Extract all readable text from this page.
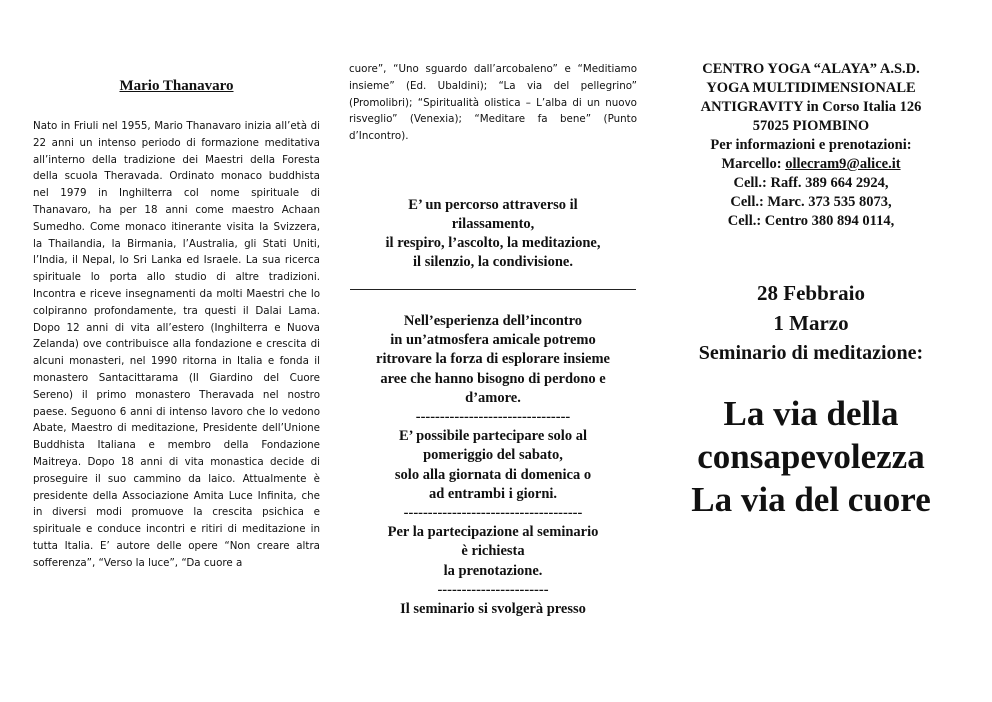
Mario Thanavaro

Nato in Friuli nel 1955, Mario Thanavaro inizia all’età di 22 anni un intenso periodo di formazione meditativa all’interno della tradizione dei Maestri della Foresta della scuola Theravada. Ordinato monaco buddhista nel 1979 in Inghilterra col nome spirituale di Thanavaro, ha per 18 anni come maestro Achaan Sumedho. Come monaco itinerante visita la Svizzera, la Thailandia, la Birmania, l’Australia, gli Stati Uniti, l’India, il Nepal, lo Sri Lanka ed Israele. La sua ricerca spirituale lo porta allo studio di altre tradizioni. Incontra e riceve insegnamenti da molti Maestri che lo colpiranno profondamente, tra questi il Dalai Lama. Dopo 12 anni di vita all’estero (Inghilterra e Nuova Zelanda) ove contribuisce alla fondazione e crescita di alcuni monasteri, nel 1990 ritorna in Italia e fonda il monastero Santacittarama (Il Giardino del Cuore Sereno) il primo monastero Theravada nel nostro paese. Seguono 6 anni di intenso lavoro che lo vedono Abate, Maestro di meditazione, Presidente dell’Unione Buddhista Italiana e membro della Fondazione Maitreya. Dopo 18 anni di vita monastica decide di proseguire il suo cammino da laico. Attualmente è presidente della Associazione Amita Luce Infinita, che in diversi modi promuove la crescita psichica e spirituale e conduce incontri e ritiri di meditazione in tutta Italia. E’ autore delle opere “Non creare altra sofferenza”, “Verso la luce”, “Da cuore a

cuore”, “Uno sguardo dall’arcobaleno” e “Meditiamo insieme” (Ed. Ubaldini); “La via del pellegrino” (Promolibri); “Spiritualità olistica – L’alba di un nuovo risveglio” (Venexia); “Meditare fa bene” (Punto d’Incontro).

E’ un percorso attraverso il
rilassamento,
il respiro, l’ascolto, la meditazione,
il silenzio, la condivisione.

Nell’esperienza dell’incontro

in un’atmosfera amicale potremo

ritrovare la forza di esplorare insieme

aree che hanno bisogno di perdono e

d’amore.

--------------------------------

E’ possibile partecipare solo al

pomeriggio del sabato,

solo alla giornata di domenica o

ad entrambi i giorni.

-------------------------------------

Per la partecipazione al seminario

è richiesta

la prenotazione.

-----------------------

Il seminario si svolgerà presso

CENTRO YOGA “ALAYA” A.S.D.

YOGA MULTIDIMENSIONALE

ANTIGRAVITY in Corso Italia 126

57025 PIOMBINO

Per informazioni e prenotazioni:

Marcello: ollecram9@alice.it

Cell.: Raff. 389 664 2924,

Cell.: Marc. 373 535 8073,

Cell.: Centro 380 894 0114,

28 Febbraio

1 Marzo

Seminario di meditazione:

La via della

consapevolezza

La via del cuore
